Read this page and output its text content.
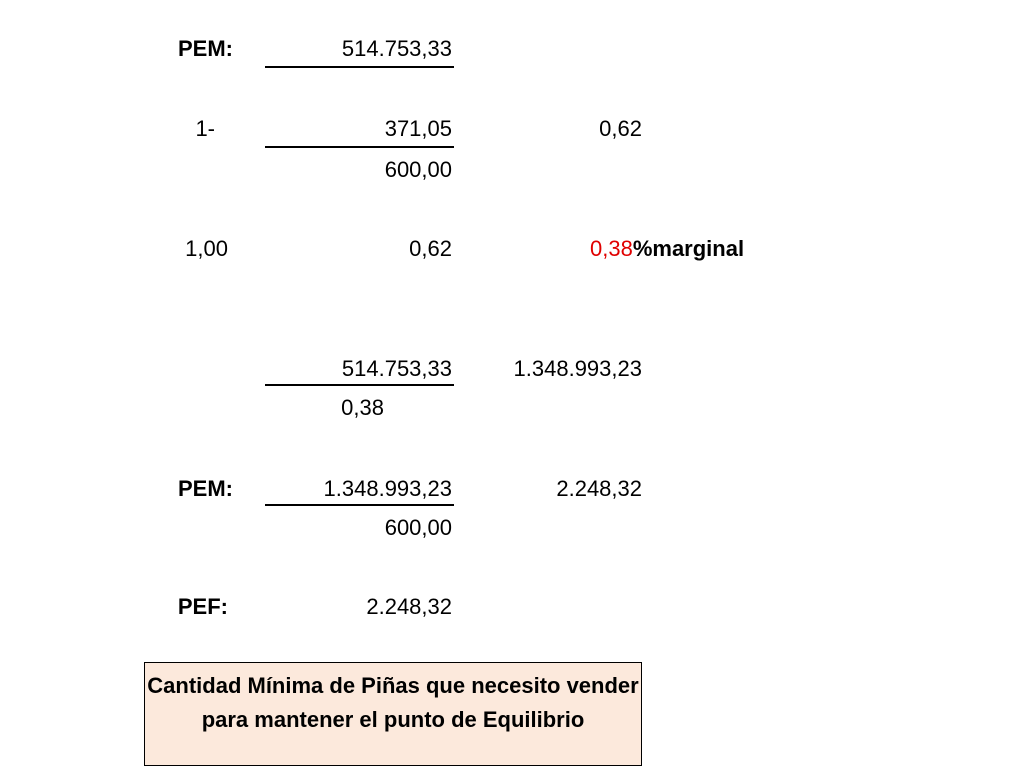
PEM:	514.753,33
1-	371,05	0,62
600,00
1,00	0,62	0,38%marginal
514.753,33	1.348.993,23
0,38
PEM:	1.348.993,23	2.248,32
600,00
PEF:	2.248,32
Cantidad Mínima de Piñas que necesito vender para mantener el punto de Equilibrio
